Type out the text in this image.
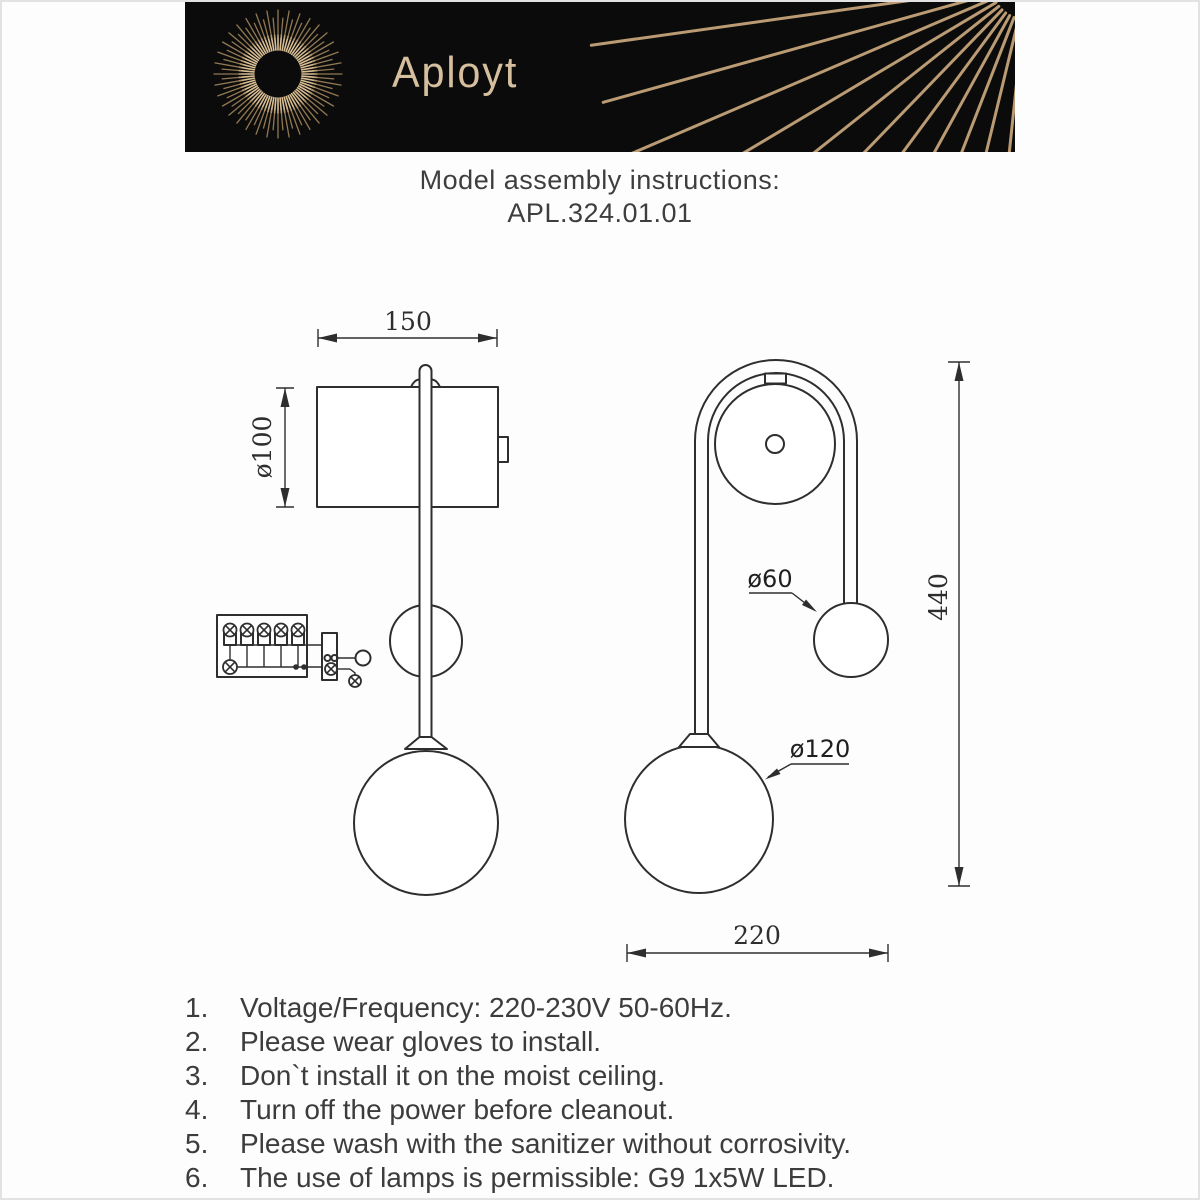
Aployt
Model assembly instructions:
APL.324.01.01
150
ø100
ø60
ø120
440
220
1.	Voltage/Frequency: 220-230V 50-60Hz.
2.	Please wear gloves to install.
3.	Don`t install it on the moist ceiling.
4.	Turn off the power before cleanout.
5.	Please wash with the sanitizer without corrosivity.
6.	The use of lamps is permissible: G9 1x5W LED.
